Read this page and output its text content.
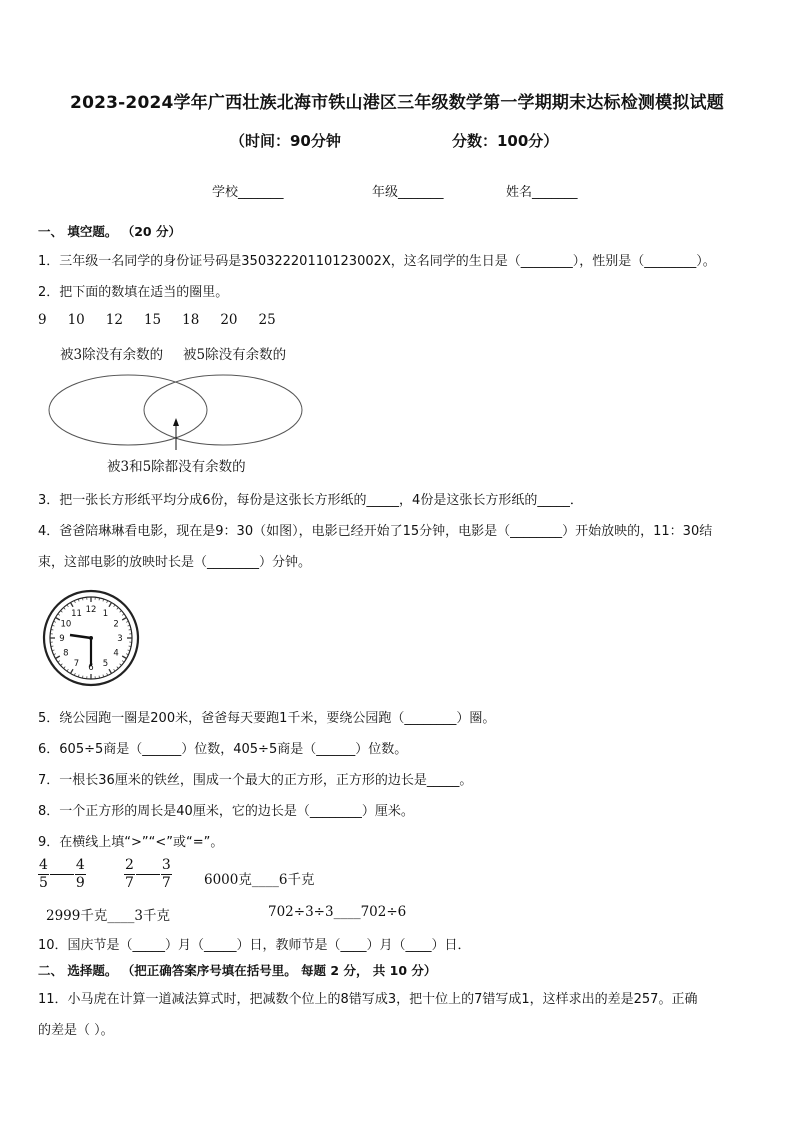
2023-2024学年广西壮族北海市铁山港区三年级数学第一学期期末达标检测模拟试题
（时间：90分钟	分数：100分）
学校_______	年级_______	姓名_______
一、 填空题。 （20 分）
1．三年级一名同学的身份证号码是35032220110123002X，这名同学的生日是（________），性别是（________）。
2．把下面的数填在适当的圈里。
9 10 12 15 18 20 25
被3除没有余数的 被5除没有余数的
被3和5除都没有余数的
3．把一张长方形纸平均分成6份，每份是这张长方形纸的_____，4份是这张长方形纸的_____．
4．爸爸陪琳琳看电影，现在是9：30（如图），电影已经开始了15分钟，电影是（________）开始放映的，11：30结
束，这部电影的放映时长是（________）分钟。
12 1
2
3
4
5
6
7
8
9
10
11
5．绕公园跑一圈是200米，爸爸每天要跑1千米，要绕公园跑（________）圈。
6．605÷5商是（______）位数，405÷5商是（______）位数。
7．一根长36厘米的铁丝，围成一个最大的正方形，正方形的边长是_____。
8．一个正方形的周长是40厘米，它的边长是（________）厘米。
9．在横线上填“>”“<”或“=”。
$\frac{4}{5} \frac{4}{9}$	$\frac{2}{7} \frac{3}{7} 6000$克____6千克
2999千克____3千克	702÷3÷3____702÷6
10．国庆节是（_____）月（_____）日，教师节是（____）月（____）日．
二、 选择题。 （把正确答案序号填在括号里。 每题 2 分， 共 10 分）
11．小马虎在计算一道减法算式时，把减数个位上的8错写成3，把十位上的7错写成1，这样求出的差是257。正确
的差是（ ）。
